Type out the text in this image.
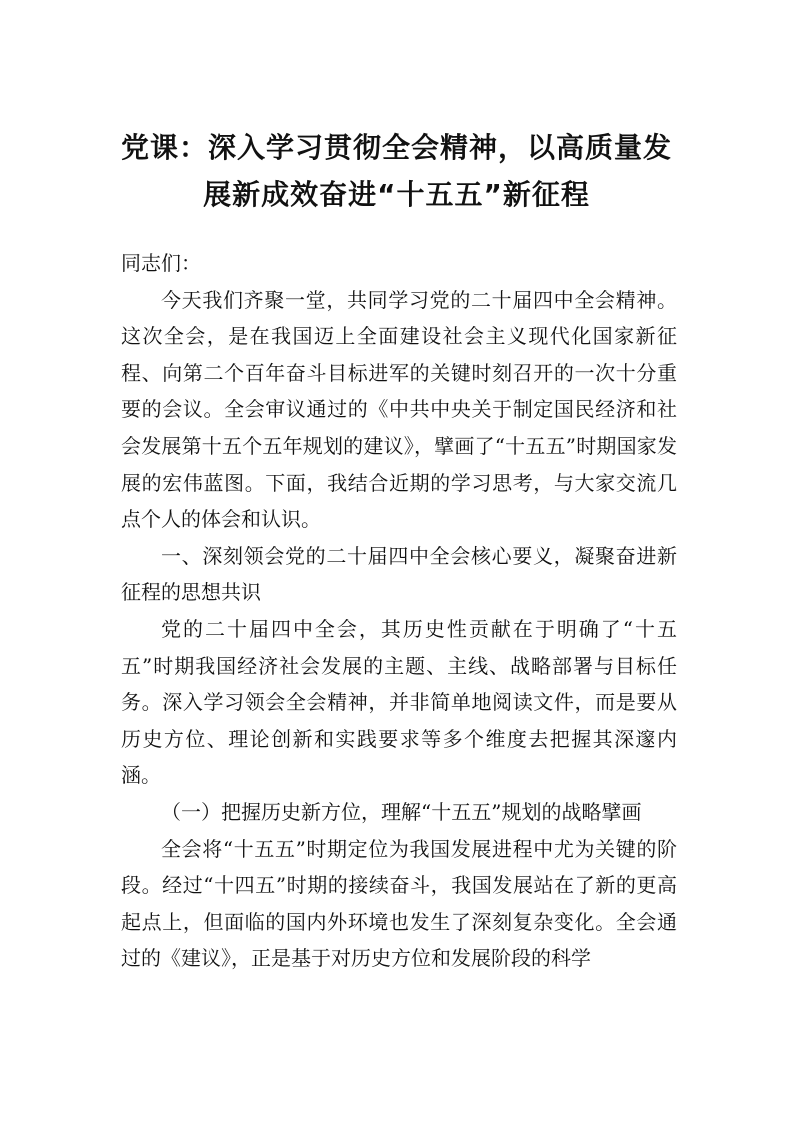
党课：深入学习贯彻全会精神，以高质量发
展新成效奋进“十五五”新征程

同志们：

今天我们齐聚一堂，共同学习党的二十届四中全会精神。这次全会，是在我国迈上全面建设社会主义现代化国家新征程、向第二个百年奋斗目标进军的关键时刻召开的一次十分重要的会议。全会审议通过的《中共中央关于制定国民经济和社会发展第十五个五年规划的建议》，擘画了“十五五”时期国家发展的宏伟蓝图。下面，我结合近期的学习思考，与大家交流几点个人的体会和认识。

一、深刻领会党的二十届四中全会核心要义，凝聚奋进新征程的思想共识

党的二十届四中全会，其历史性贡献在于明确了“十五五”时期我国经济社会发展的主题、主线、战略部署与目标任务。深入学习领会全会精神，并非简单地阅读文件，而是要从历史方位、理论创新和实践要求等多个维度去把握其深邃内涵。

（一）把握历史新方位，理解“十五五”规划的战略擘画

全会将“十五五”时期定位为我国发展进程中尤为关键的阶段。经过“十四五”时期的接续奋斗，我国发展站在了新的更高起点上，但面临的国内外环境也发生了深刻复杂变化。全会通过的《建议》，正是基于对历史方位和发展阶段的科学
